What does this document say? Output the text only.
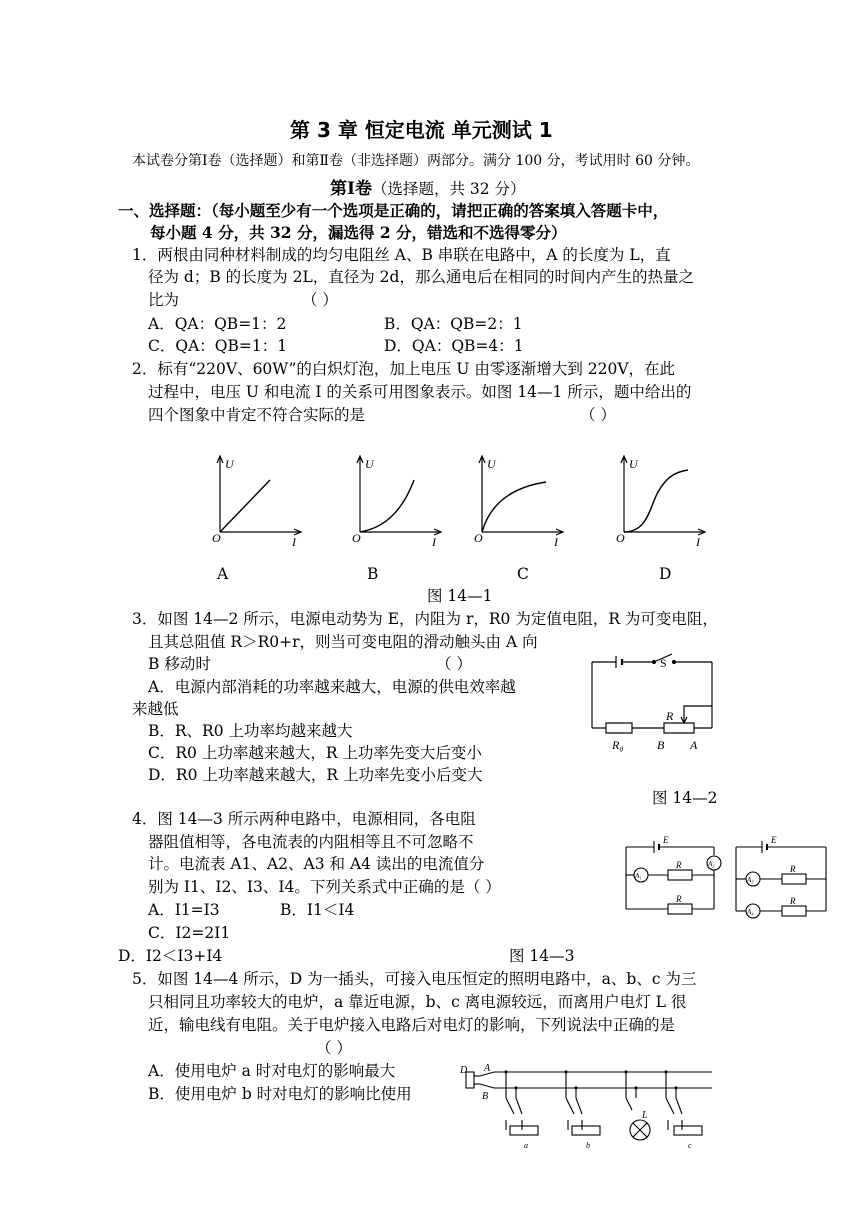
第 3 章 恒定电流 单元测试 1
本试卷分第Ⅰ卷（选择题）和第Ⅱ卷（非选择题）两部分。满分 100 分，考试用时 60 分钟。
第Ⅰ卷（选择题，共 32 分）
一、选择题：（每小题至少有一个选项是正确的，请把正确的答案填入答题卡中，
每小题 4 分，共 32 分，漏选得 2 分，错选和不选得零分）
1．两根由同种材料制成的均匀电阻丝 A、B 串联在电路中，A 的长度为 L，直
径为 d；B 的长度为 2L，直径为 2d，那么通电后在相同的时间内产生的热量之
比为	（ ）
A．QA：QB=1：2	B．QA：QB=2：1
C．QA：QB=1：1	D．QA：QB=4：1
2．标有“220V、60W”的白炽灯泡，加上电压 U 由零逐渐增大到 220V，在此
过程中，电压 U 和电流 I 的关系可用图象表示。如图 14—1 所示，题中给出的
四个图象中肯定不符合实际的是	（ ）
U
O	I
U
O	I
U
O	I
U
O	I
A	B	C	D
图 14—1
3．如图 14—2 所示，电源电动势为 E，内阻为 r，R0 为定值电阻，R 为可变电阻，
且其总阻值 R＞R0+r，则当可变电阻的滑动触头由 A 向
B 移动时	（ ）
A．电源内部消耗的功率越来越大，电源的供电效率越
来越低
B．R、R0 上功率均越来越大
C．R0 上功率越来越大，R 上功率先变大后变小
D．R0 上功率越来越大，R 上功率先变小后变大
S
R
R₀	B A
图 14—2
4．图 14—3 所示两种电路中，电源相同，各电阻
器阻值相等，各电流表的内阻相等且不可忽略不
计。电流表 A1、A2、A3 和 A4 读出的电流值分
别为 I1、I2、I3、I4。下列关系式中正确的是（ ）
A．I1=I3	B．I1＜I4
C．I2=2I1
D．I2＜I3+I4
E	E
R
R
R
R
A₁
A₂
A₃
A₄
图 14—3
5．如图 14—4 所示，D 为一插头，可接入电压恒定的照明电路中，a、b、c 为三
只相同且功率较大的电炉，a 靠近电源，b、c 离电源较远，而离用户电灯 L 很
近，输电线有电阻。关于电炉接入电路后对电灯的影响，下列说法中正确的是
（ ）
A．使用电炉 a 时对电灯的影响最大
B．使用电炉 b 时对电灯的影响比使用
D A
B
L
a	b	c
